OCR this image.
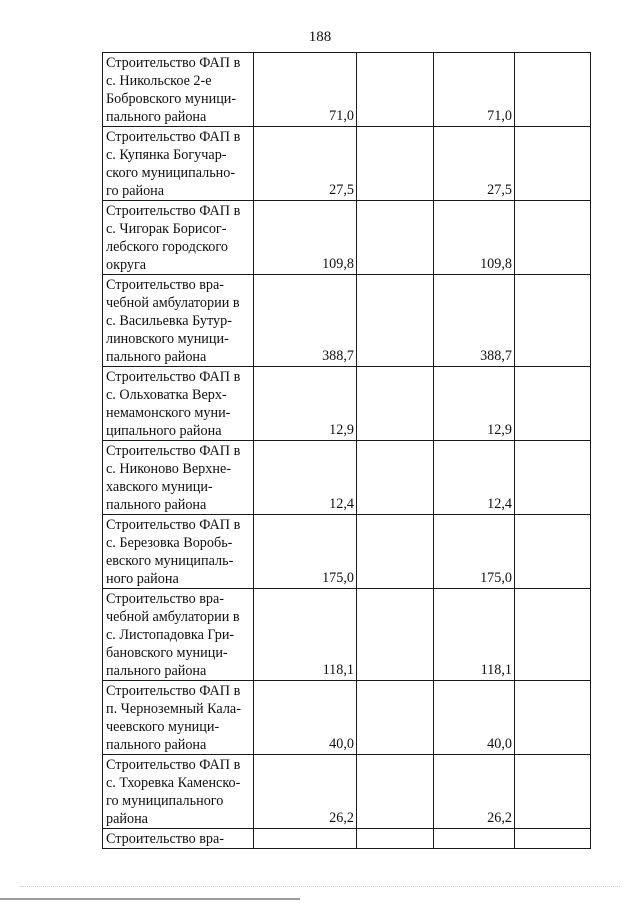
188
Строительство ФАП в
с. Никольское 2-е
Бобровского муници-
пального района	71,0		71,0	

Строительство ФАП в
с. Купянка Богучар-
ского муниципально-
го района	27,5		27,5	

Строительство ФАП в
с. Чигорак Борисог-
лебского городского
округа	109,8		109,8	

Строительство вра-
чебной амбулатории в
с. Васильевка Бутур-
линовского муници-
пального района	388,7		388,7	

Строительство ФАП в
с. Ольховатка Верх-
немамонского муни-
ципального района	12,9		12,9	

Строительство ФАП в
с. Никоново Верхне-
хавского муници-
пального района	12,4		12,4	

Строительство ФАП в
с. Березовка Воробь-
евского муниципаль-
ного района	175,0		175,0	

Строительство вра-
чебной амбулатории в
с. Листопадовка Гри-
бановского муници-
пального района	118,1		118,1	

Строительство ФАП в
п. Черноземный Кала-
чеевского муници-
пального района	40,0		40,0	

Строительство ФАП в
с. Тхоревка Каменско-
го муниципального
района	26,2		26,2	

Строительство вра-				
